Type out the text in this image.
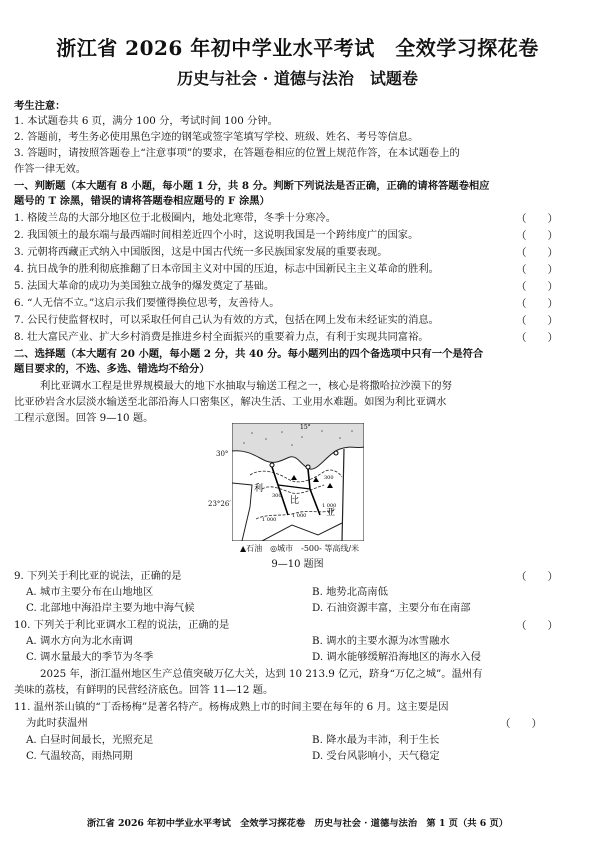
浙江省 2026 年初中学业水平考试　全效学习探花卷
历史与社会 · 道德与法治　试题卷
考生注意：
1. 本试题卷共 6 页，满分 100 分，考试时间 100 分钟。
2. 答题前，考生务必使用黑色字迹的钢笔或签字笔填写学校、班级、姓名、考号等信息。
3. 答题时，请按照答题卷上“注意事项”的要求，在答题卷相应的位置上规范作答，在本试题卷上的
作答一律无效。
一、判断题（本大题有 8 小题，每小题 1 分，共 8 分。判断下列说法是否正确，正确的请将答题卷相应
题号的 T 涂黑，错误的请将答题卷相应题号的 F 涂黑）
1. 格陵兰岛的大部分地区位于北极圈内，地处北寒带，冬季十分寒冷。	（　　）
2. 我国领土的最东端与最西端时间相差近四个小时，这说明我国是一个跨纬度广的国家。	（　　）
3. 元朝将西藏正式纳入中国版图，这是中国古代统一多民族国家发展的重要表现。	（　　）
4. 抗日战争的胜利彻底推翻了日本帝国主义对中国的压迫，标志中国新民主主义革命的胜利。	（　　）
5. 法国大革命的成功为美国独立战争的爆发奠定了基础。	（　　）
6. “人无信不立。”这启示我们要懂得换位思考，友善待人。	（　　）
7. 公民行使监督权时，可以采取任何自己认为有效的方式，包括在网上发布未经证实的消息。	（　　）
8. 壮大富民产业、扩大乡村消费是推进乡村全面振兴的重要着力点，有利于实现共同富裕。	（　　）
二、选择题（本大题有 20 小题，每小题 2 分，共 40 分。每小题列出的四个备选项中只有一个是符合
题目要求的，不选、多选、错选均不给分）
利比亚调水工程是世界规模最大的地下水抽取与输送工程之一，核心是将撒哈拉沙漠下的努
比亚砂岩含水层淡水输送至北部沿海人口密集区，解决生活、工业用水难题。如图为利比亚调水
工程示意图。回答 9—10 题。
15°
利
比
亚
300
300
1 000
1 000
1 000
30°
23°26′
▲石油　◎城市　-500- 等高线/米
9—10 题图
9. 下列关于利比亚的说法，正确的是	（　　）
A. 城市主要分布在山地地区	B. 地势北高南低
C. 北部地中海沿岸主要为地中海气候	D. 石油资源丰富，主要分布在南部
10. 下列关于利比亚调水工程的说法，正确的是	（　　）
A. 调水方向为北水南调	B. 调水的主要水源为冰雪融水
C. 调水量最大的季节为冬季	D. 调水能够缓解沿海地区的海水入侵
2025 年，浙江温州地区生产总值突破万亿大关，达到 10 213.9 亿元，跻身“万亿之城”。温州有
美味的荔枝，有鲜明的民营经济底色。回答 11—12 题。
11. 温州茶山镇的“丁岙杨梅”是著名特产。杨梅成熟上市的时间主要在每年的 6 月。这主要是因
为此时获温州	（　　）
A. 白昼时间最长，光照充足	B. 降水最为丰沛，利于生长
C. 气温较高，雨热同期	D. 受台风影响小，天气稳定
浙江省 2026 年初中学业水平考试　全效学习探花卷　历史与社会 · 道德与法治　第 1 页（共 6 页）
